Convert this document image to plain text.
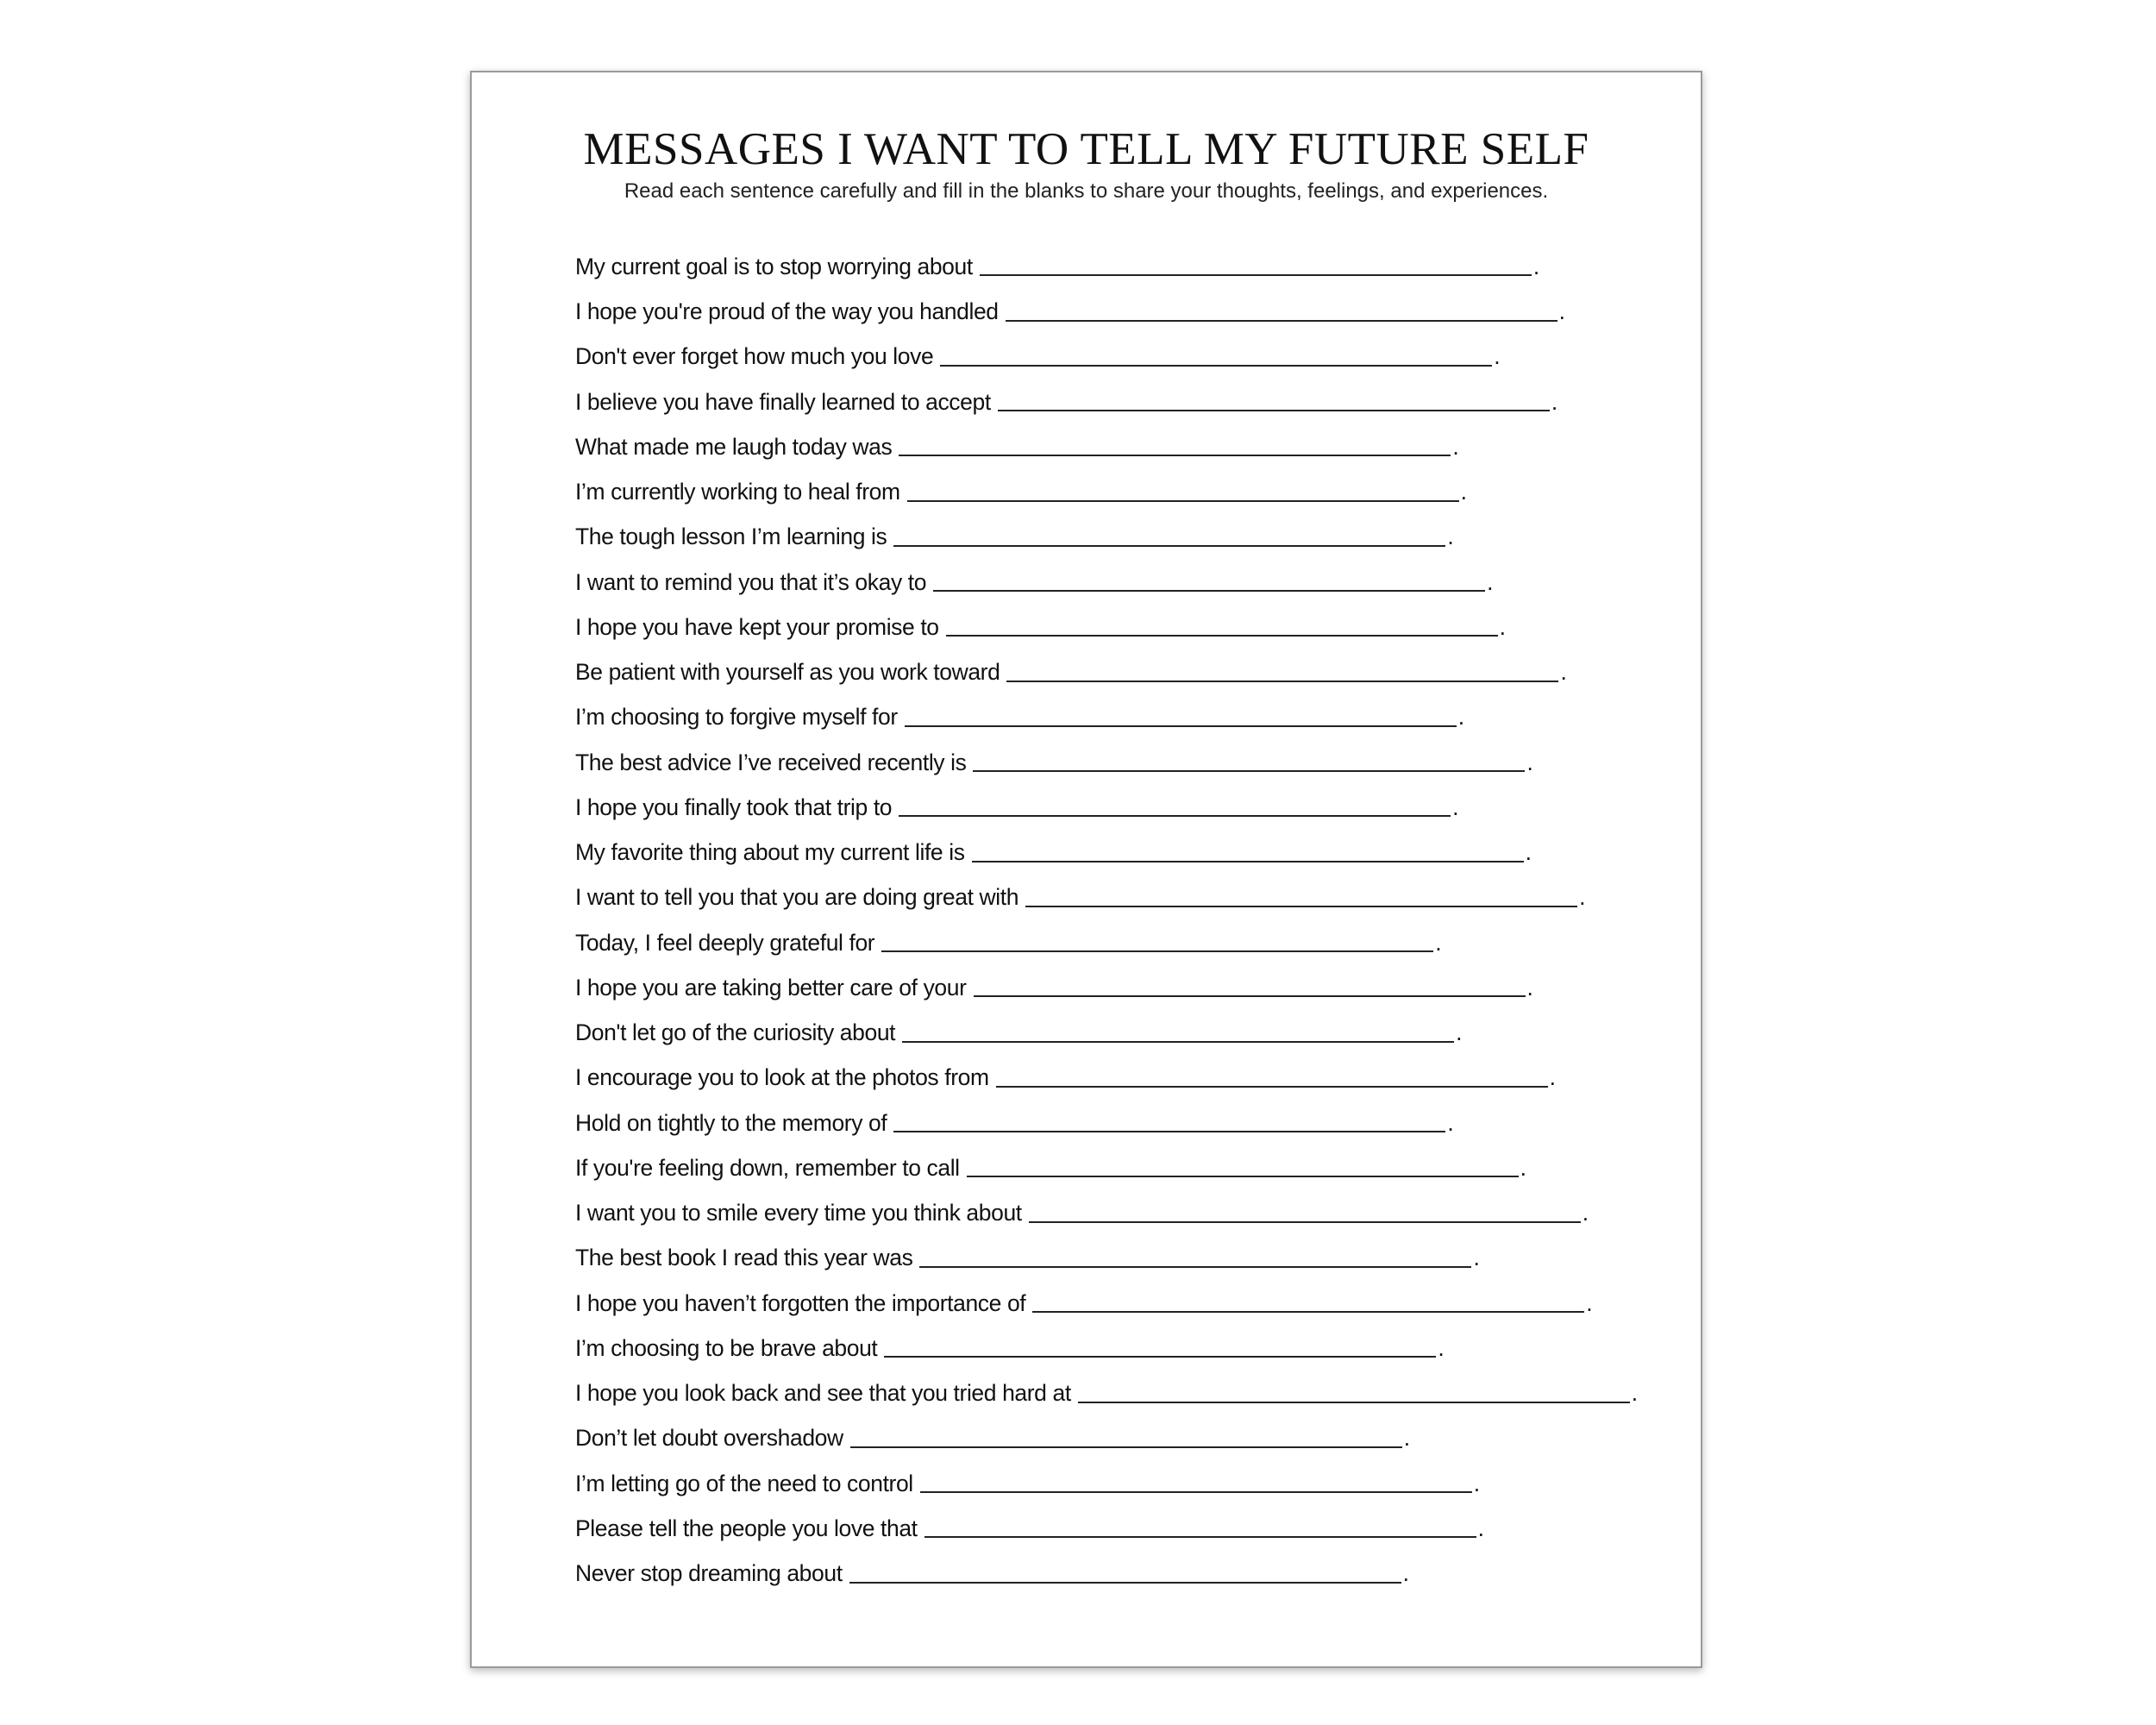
MESSAGES I WANT TO TELL MY FUTURE SELF

Read each sentence carefully and fill in the blanks to share your thoughts, feelings, and experiences.

My current goal is to stop worrying about	.
I hope you're proud of the way you handled	.
Don't ever forget how much you love	.
I believe you have finally learned to accept	.
What made me laugh today was	.
I’m currently working to heal from	.
The tough lesson I’m learning is	.
I want to remind you that it’s okay to	.
I hope you have kept your promise to	.
Be patient with yourself as you work toward	.
I’m choosing to forgive myself for	.
The best advice I’ve received recently is	.
I hope you finally took that trip to	.
My favorite thing about my current life is	.
I want to tell you that you are doing great with	.
Today, I feel deeply grateful for	.
I hope you are taking better care of your	.
Don't let go of the curiosity about	.
I encourage you to look at the photos from	.
Hold on tightly to the memory of	.
If you're feeling down, remember to call	.
I want you to smile every time you think about	.
The best book I read this year was	.
I hope you haven’t forgotten the importance of	.
I’m choosing to be brave about	.
I hope you look back and see that you tried hard at	.
Don’t let doubt overshadow	.
I’m letting go of the need to control	.
Please tell the people you love that	.
Never stop dreaming about	.
